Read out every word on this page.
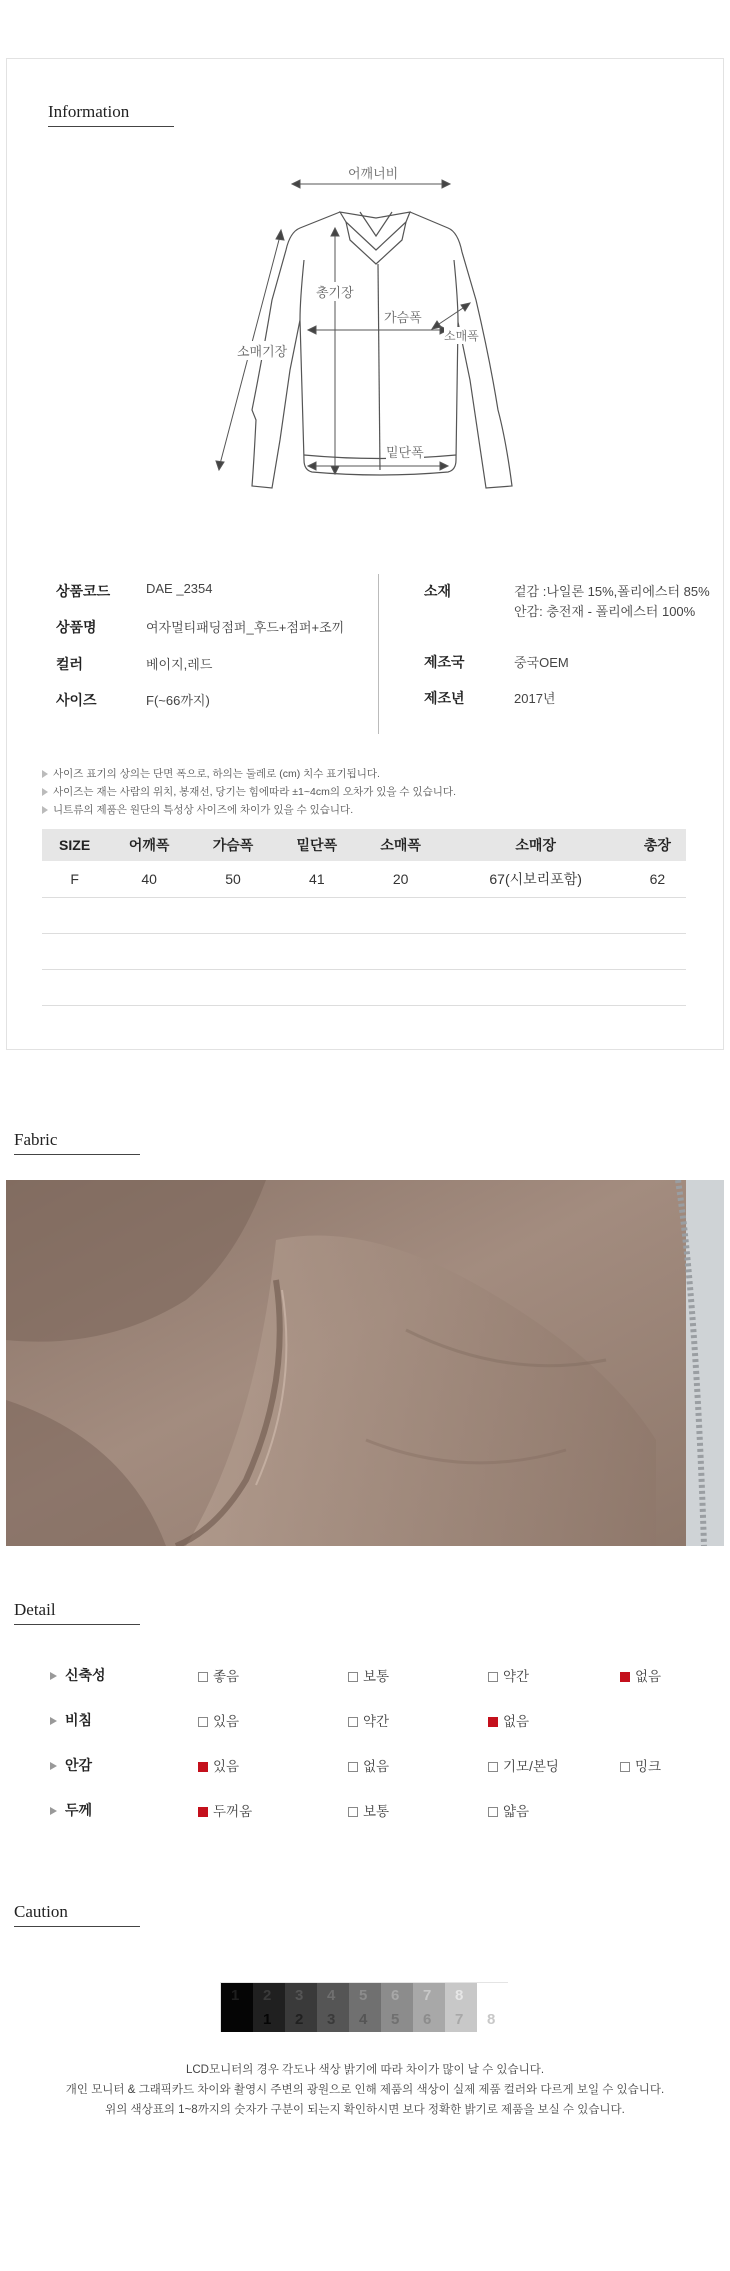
Information
어깨너비
총기장
가슴폭
소매폭
소매기장
밑단폭
상품코드	DAE _2354
상품명	여자멀티패딩점퍼_후드+점퍼+조끼
컬러	베이지,레드
사이즈	F(~66까지)
소재	겉감 :나일론 15%,폴리에스터 85%
안감: 충전재 - 폴리에스터 100%
제조국	중국OEM
제조년	2017년
사이즈 표기의 상의는 단면 폭으로, 하의는 둘레로 (cm) 치수 표기됩니다.
사이즈는 재는 사람의 위치, 봉재선, 당기는 힘에따라 ±1~4cm의 오차가 있을 수 있습니다.
니트류의 제품은 원단의 특성상 사이즈에 차이가 있을 수 있습니다.
SIZE	어깨폭	가슴폭	밑단폭	소매폭	소매장	총장
F	40	50	41	20	67(시보리포함)	62

Fabric
Detail
신축성	좋음	보통	약간	없음
비침	있음	약간	없음
안감	있음	없음	기모/본딩	밍크
두께	두꺼움	보통	얇음
Caution
1	2	3	4	5	6	7	8
1	2	3	4	5	6	7	8
LCD모니터의 경우 각도나 색상 밝기에 따라 차이가 많이 날 수 있습니다.
개인 모니터 & 그래픽카드 차이와 촬영시 주변의 광원으로 인해 제품의 색상이 실제 제품 컬러와 다르게 보일 수 있습니다.
위의 색상표의 1~8까지의 숫자가 구분이 되는지 확인하시면 보다 정확한 밝기로 제품을 보실 수 있습니다.
